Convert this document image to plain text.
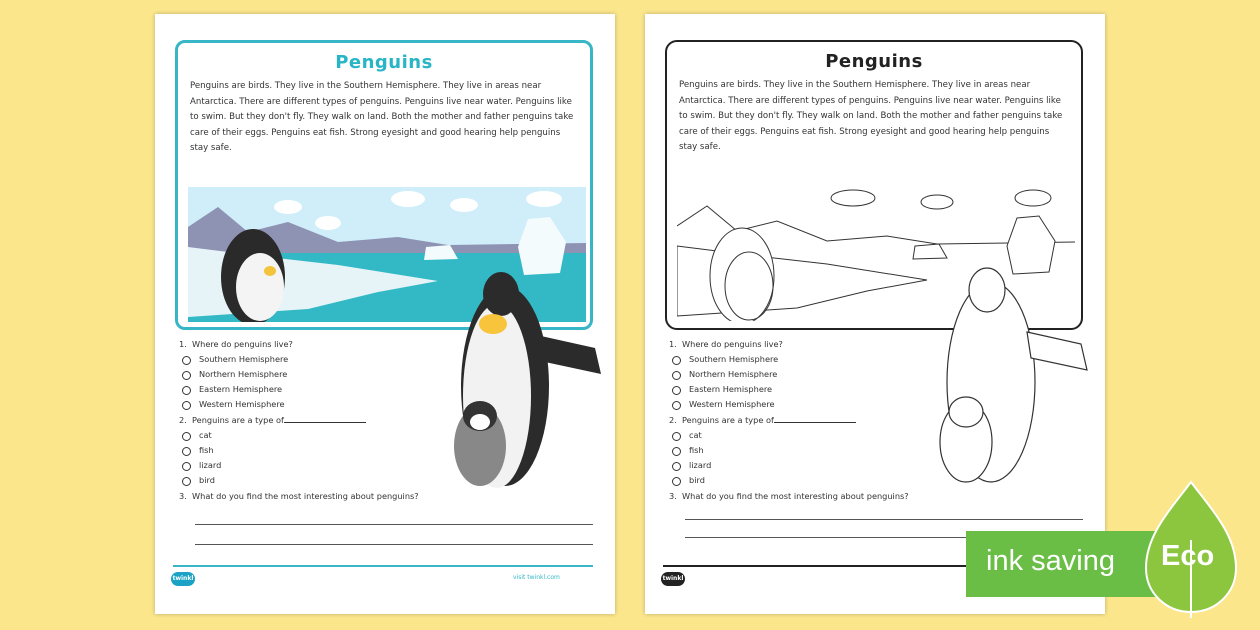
Penguins
Penguins are birds. They live in the Southern Hemisphere. They live in areas near Antarctica. There are different types of penguins. Penguins live near water. Penguins like to swim. But they don't fly. They walk on land. Both the mother and father penguins take care of their eggs. Penguins eat fish. Strong eyesight and good hearing help penguins stay safe.
1. Where do penguins live?
Southern Hemisphere
Northern Hemisphere
Eastern Hemisphere
Western Hemisphere
2. Penguins are a type of
cat
fish
lizard
bird
3. What do you find the most interesting about penguins?
twinkl	visit twinkl.com
Penguins
Penguins are birds. They live in the Southern Hemisphere. They live in areas near Antarctica. There are different types of penguins. Penguins live near water. Penguins like to swim. But they don't fly. They walk on land. Both the mother and father penguins take care of their eggs. Penguins eat fish. Strong eyesight and good hearing help penguins stay safe.
1. Where do penguins live?
Southern Hemisphere
Northern Hemisphere
Eastern Hemisphere
Western Hemisphere
2. Penguins are a type of
cat
fish
lizard
bird
3. What do you find the most interesting about penguins?
twinkl
ink saving Eco
